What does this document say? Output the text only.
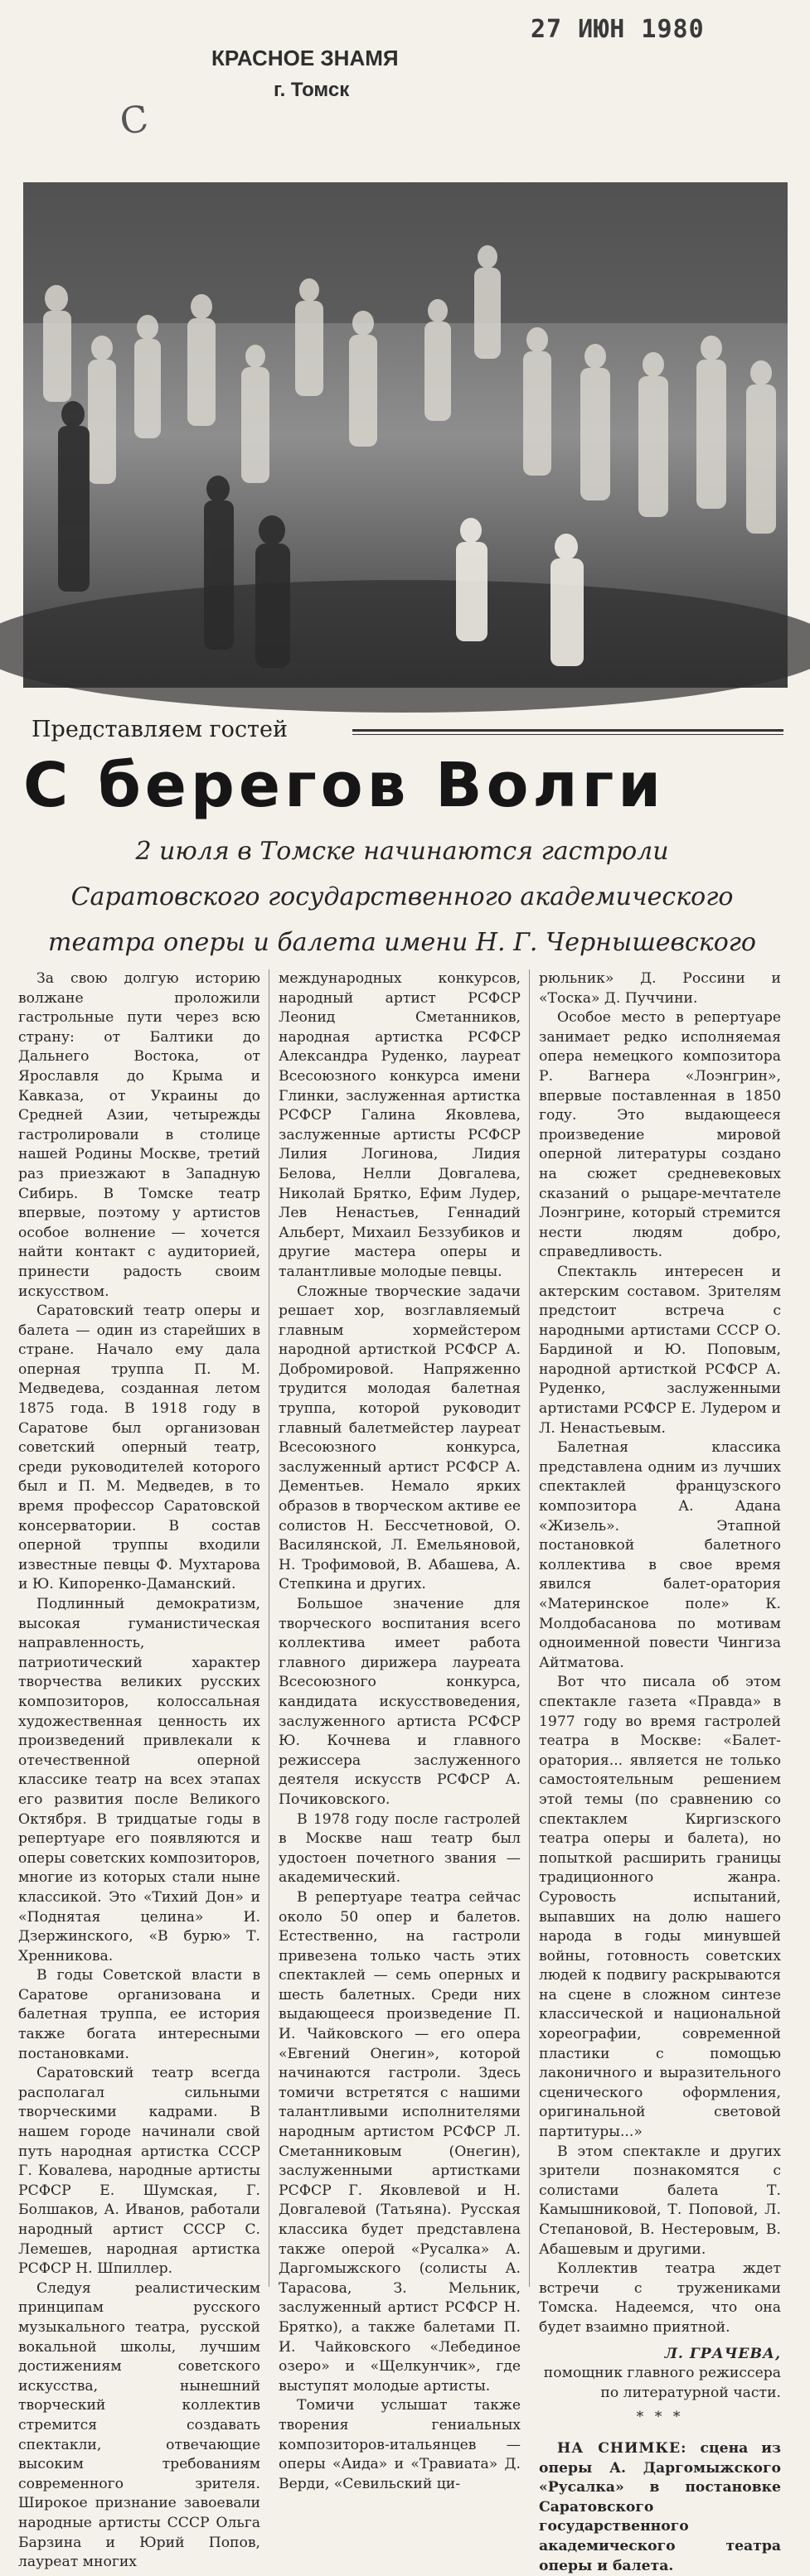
27 ИЮН 1980
КРАСНОЕ ЗНАМЯ
г. Томск
С
Представляем гостей
С берегов Волги
2 июля в Томске начинаются гастроли
Саратовского государственного академического
театра оперы и балета имени Н. Г. Чернышевского

За свою долгую историю волжане проложили гастрольные пути через всю страну: от Балтики до Дальнего Востока, от Ярославля до Крыма и Кавказа, от Украины до Средней Азии, четырежды гастролировали в столице нашей Родины Москве, третий раз приезжают в Западную Сибирь. В Томске театр впервые, поэтому у артистов особое волнение — хочется найти контакт с аудиторией, принести радость своим искусством.

Саратовский театр оперы и балета — один из старейших в стране. Начало ему дала оперная труппа П. М. Медведева, созданная летом 1875 года. В 1918 году в Саратове был организован советский оперный театр, среди руководителей которого был и П. М. Медведев, в то время профессор Саратовской консерватории. В состав оперной труппы входили известные певцы Ф. Мухтарова и Ю. Кипоренко-Даманский.

Подлинный демократизм, высокая гуманистическая направленность, патриотический характер творчества великих русских композиторов, колоссальная художественная ценность их произведений привлекали к отечественной оперной классике театр на всех этапах его развития после Великого Октября. В тридцатые годы в репертуаре его появляются и оперы советских композиторов, многие из которых стали ныне классикой. Это «Тихий Дон» и «Поднятая целина» И. Дзержинского, «В бурю» Т. Хренникова.

В годы Советской власти в Саратове организована и балетная труппа, ее история также богата интересными постановками.

Саратовский театр всегда располагал сильными творческими кадрами. В нашем городе начинали свой путь народная артистка СССР Г. Ковалева, народные артисты РСФСР Е. Шумская, Г. Болшаков, А. Иванов, работали народный артист СССР С. Лемешев, народная артистка РСФСР Н. Шпиллер.

Следуя реалистическим принципам русского музыкального театра, русской вокальной школы, лучшим достижениям советского искусства, нынешний творческий коллектив стремится создавать спектакли, отвечающие высоким требованиям современного зрителя. Широкое признание завоевали народные артисты СССР Ольга Барзина и Юрий Попов, лауреат многих

международных конкурсов, народный артист РСФСР Леонид Сметанников, народная артистка РСФСР Александра Руденко, лауреат Всесоюзного конкурса имени Глинки, заслуженная артистка РСФСР Галина Яковлева, заслуженные артисты РСФСР Лилия Логинова, Лидия Белова, Нелли Довгалева, Николай Брятко, Ефим Лудер, Лев Ненастьев, Геннадий Альберт, Михаил Беззубиков и другие мастера оперы и талантливые молодые певцы.

Сложные творческие задачи решает хор, возглавляемый главным хормейстером народной артисткой РСФСР А. Добромировой. Напряженно трудится молодая балетная труппа, которой руководит главный балетмейстер лауреат Всесоюзного конкурса, заслуженный артист РСФСР А. Дементьев. Немало ярких образов в творческом активе ее солистов Н. Бессчетновой, О. Василянской, Л. Емельяновой, Н. Трофимовой, В. Абашева, А. Степкина и других.

Большое значение для творческого воспитания всего коллектива имеет работа главного дирижера лауреата Всесоюзного конкурса, кандидата искусствоведения, заслуженного артиста РСФСР Ю. Кочнева и главного режиссера заслуженного деятеля искусств РСФСР А. Почиковского.

В 1978 году после гастролей в Москве наш театр был удостоен почетного звания — академический.

В репертуаре театра сейчас около 50 опер и балетов. Естественно, на гастроли привезена только часть этих спектаклей — семь оперных и шесть балетных. Среди них выдающееся произведение П. И. Чайковского — его опера «Евгений Онегин», которой начинаются гастроли. Здесь томичи встретятся с нашими талантливыми исполнителями народным артистом РСФСР Л. Сметанниковым (Онегин), заслуженными артистками РСФСР Г. Яковлевой и Н. Довгалевой (Татьяна). Русская классика будет представлена также оперой «Русалка» А. Даргомыжского (солисты А. Тарасова, З. Мельник, заслуженный артист РСФСР Н. Брятко), а также балетами П. И. Чайковского «Лебединое озеро» и «Щелкунчик», где выступят молодые артисты.

Томичи услышат также творения гениальных композиторов-итальянцев — оперы «Аида» и «Травиата» Д. Верди, «Севильский ци-

рюльник» Д. Россини и «Тоска» Д. Пуччини.

Особое место в репертуаре занимает редко исполняемая опера немецкого композитора Р. Вагнера «Лоэнгрин», впервые поставленная в 1850 году. Это выдающееся произведение мировой оперной литературы создано на сюжет средневековых сказаний о рыцаре-мечтателе Лоэнгрине, который стремится нести людям добро, справедливость.

Спектакль интересен и актерским составом. Зрителям предстоит встреча с народными артистами СССР О. Бардиной и Ю. Поповым, народной артисткой РСФСР А. Руденко, заслуженными артистами РСФСР Е. Лудером и Л. Ненастьевым.

Балетная классика представлена одним из лучших спектаклей французского композитора А. Адана «Жизель». Этапной постановкой балетного коллектива в свое время явился балет-оратория «Материнское поле» К. Молдобасанова по мотивам одноименной повести Чингиза Айтматова.

Вот что писала об этом спектакле газета «Правда» в 1977 году во время гастролей театра в Москве: «Балет-оратория... является не только самостоятельным решением этой темы (по сравнению со спектаклем Киргизского театра оперы и балета), но попыткой расширить границы традиционного жанра. Суровость испытаний, выпавших на долю нашего народа в годы минувшей войны, готовность советских людей к подвигу раскрываются на сцене в сложном синтезе классической и национальной хореографии, современной пластики с помощью лаконичного и выразительного сценического оформления, оригинальной световой партитуры...»

В этом спектакле и других зрители познакомятся с солистами балета Т. Камышниковой, Т. Поповой, Л. Степановой, В. Нестеровым, В. Абашевым и другими.

Коллектив театра ждет встречи с тружениками Томска. Надеемся, что она будет взаимно приятной.

Л. ГРАЧЕВА,
помощник главного режиссера по литературной части.

* * *

НА СНИМКЕ: сцена из оперы А. Даргомыжского «Русалка» в постановке Саратовского государственного академического театра оперы и балета.
